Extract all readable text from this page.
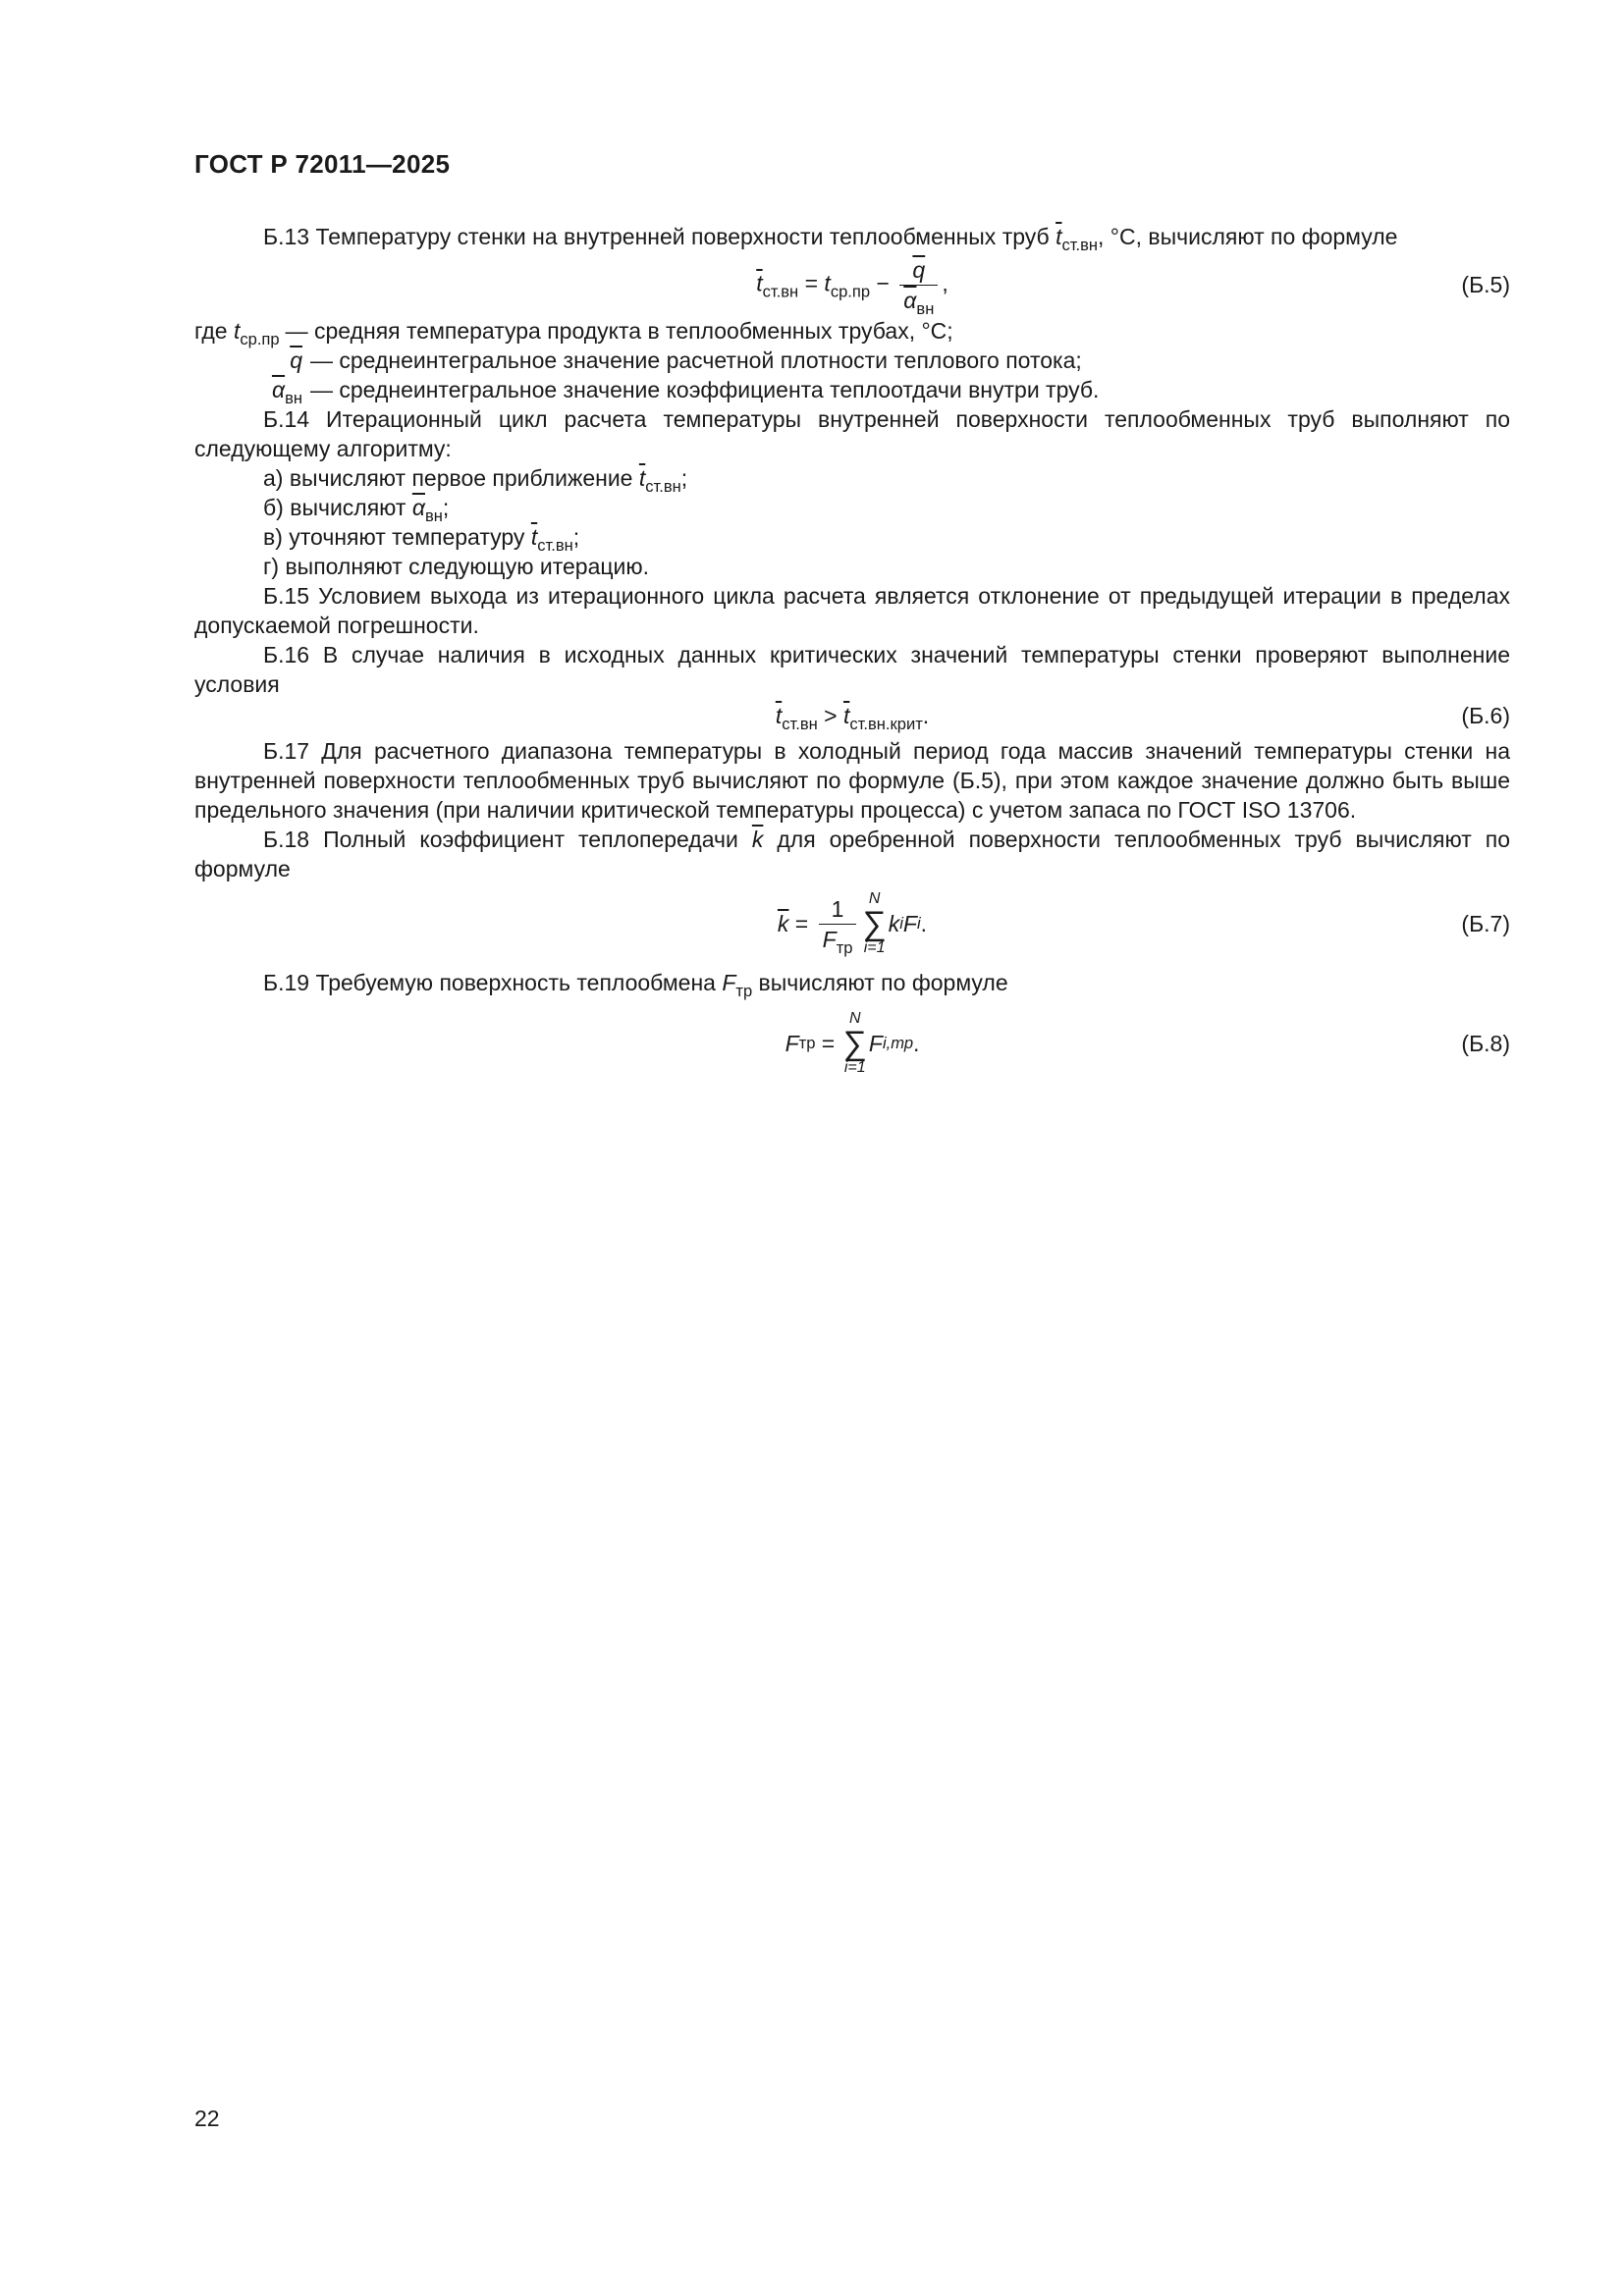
ГОСТ Р 72011—2025

Б.13 Температуру стенки на внутренней поверхности теплообменных труб $\overline{t}_{ст.вн}$, °С, вычисляют по формуле

$\overline{t}_{ст.вн} = t_{ср.пр} - \frac{\overline{q}}{\overline{\alpha}_{вн}}$ ,	(Б.5)
где $t_{ср.пр}$ — средняя температура продукта в теплообменных трубах, °С;
$\overline{q}$ — среднеинтегральное значение расчетной плотности теплового потока;
$\overline{\alpha}_{вн}$ — среднеинтегральное значение коэффициента теплоотдачи внутри труб.

Б.14 Итерационный цикл расчета температуры внутренней поверхности теплообменных труб выполняют по следующему алгоритму:

а) вычисляют первое приближение $\overline{t}_{ст.вн}$;

б) вычисляют $\overline{\alpha}_{вн}$;

в) уточняют температуру $\overline{t}_{ст.вн}$;

г) выполняют следующую итерацию.

Б.15 Условием выхода из итерационного цикла расчета является отклонение от предыдущей итерации в пределах допускаемой погрешности.

Б.16 В случае наличия в исходных данных критических значений температуры стенки проверяют выполнение условия

$\overline{t}_{ст.вн} > \overline{t}_{ст.вн.крит}$.	(Б.6)

Б.17 Для расчетного диапазона температуры в холодный период года массив значений температуры стенки на внутренней поверхности теплообменных труб вычисляют по формуле (Б.5), при этом каждое значение должно быть выше предельного значения (при наличии критической температуры процесса) с учетом запаса по ГОСТ ISO 13706.

Б.18 Полный коэффициент теплопередачи $\overline{k}$ для оребренной поверхности теплообменных труб вычисляют по формуле

$\overline{k} = \frac{1}{F_{тр}}$ N
∑
i=1
k i F i .	(Б.7)

Б.19 Требуемую поверхность теплообмена $F_{тр}$ вычисляют по формуле

F тр =
N
∑
i=1
F i,тр .	(Б.8)
22
